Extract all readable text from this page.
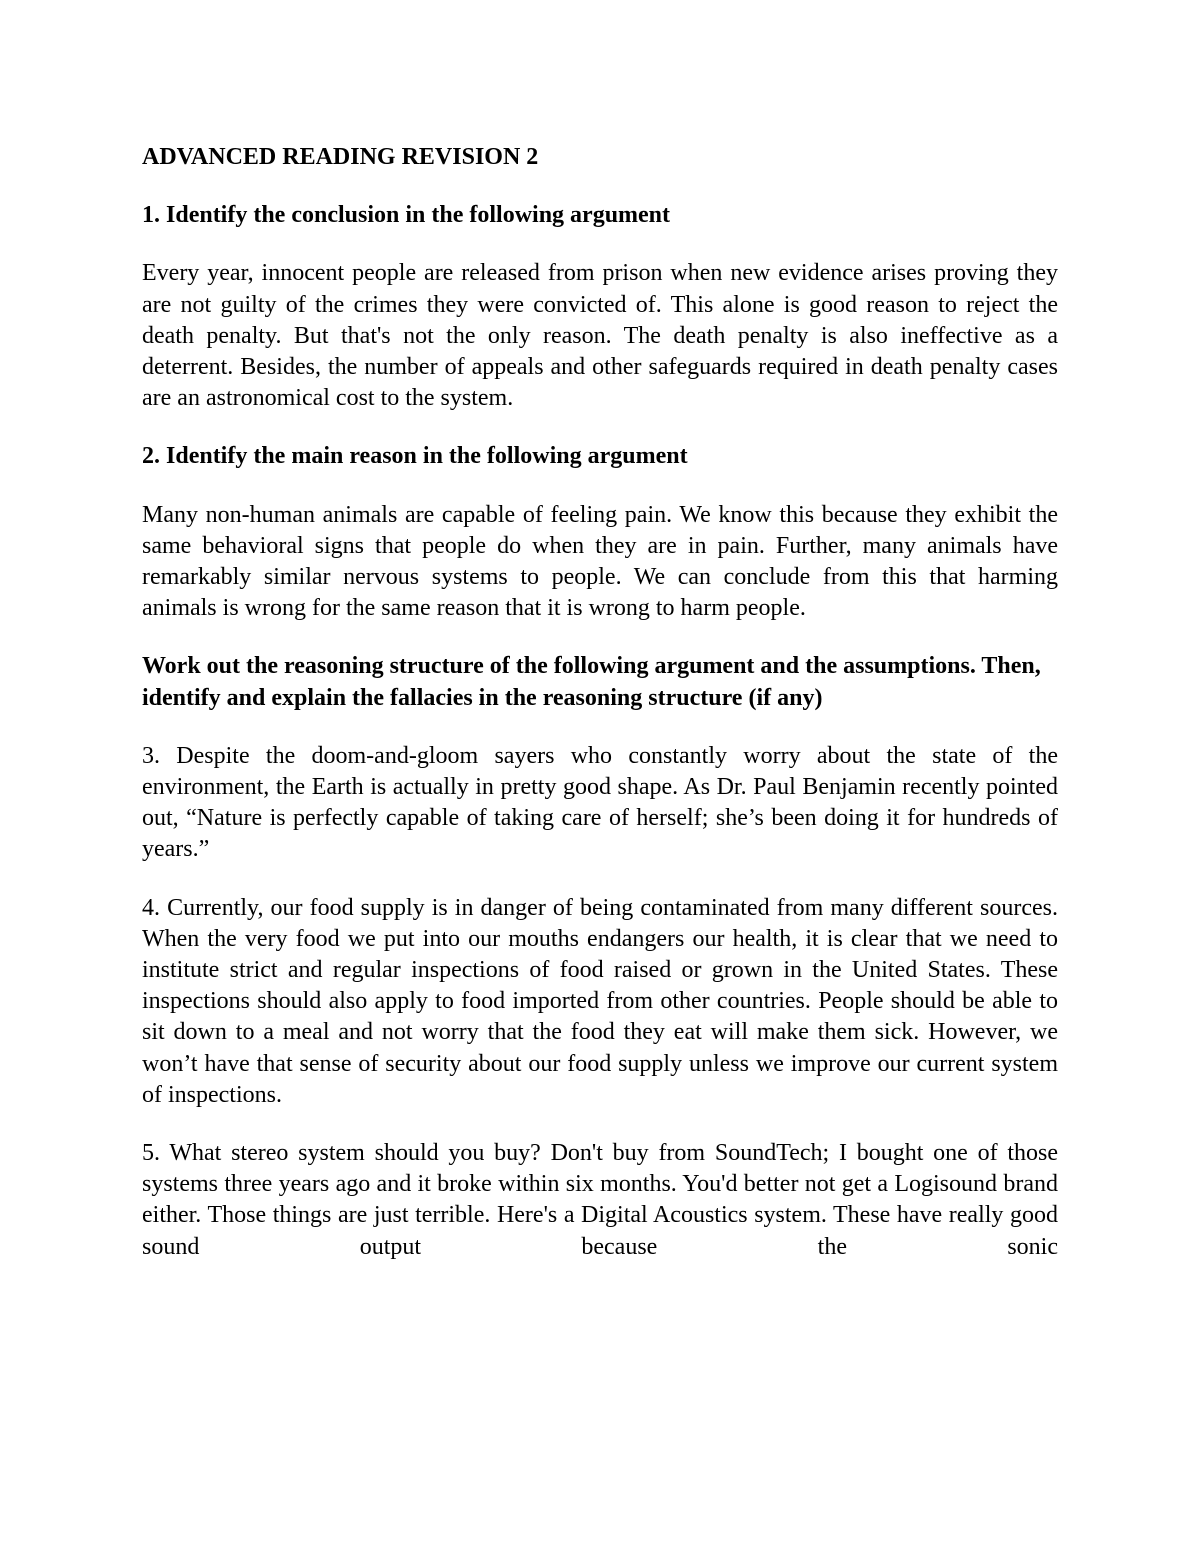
ADVANCED READING REVISION 2
1. Identify the conclusion in the following argument
Every year, innocent people are released from prison when new evidence arises proving they are not guilty of the crimes they were convicted of. This alone is good reason to reject the death penalty. But that's not the only reason. The death penalty is also ineffective as a deterrent. Besides, the number of appeals and other safeguards required in death penalty cases are an astronomical cost to the system.
2. Identify the main reason in the following argument
Many non-human animals are capable of feeling pain. We know this because they exhibit the same behavioral signs that people do when they are in pain. Further, many animals have remarkably similar nervous systems to people. We can conclude from this that harming animals is wrong for the same reason that it is wrong to harm people.
Work out the reasoning structure of the following argument and the assumptions. Then, identify and explain the fallacies in the reasoning structure (if any)
3. Despite the doom-and-gloom sayers who constantly worry about the state of the environment, the Earth is actually in pretty good shape. As Dr. Paul Benjamin recently pointed out, “Nature is perfectly capable of taking care of herself; she’s been doing it for hundreds of years.”
4. Currently, our food supply is in danger of being contaminated from many different sources. When the very food we put into our mouths endangers our health, it is clear that we need to institute strict and regular inspections of food raised or grown in the United States. These inspections should also apply to food imported from other countries. People should be able to sit down to a meal and not worry that the food they eat will make them sick. However, we won’t have that sense of security about our food supply unless we improve our current system of inspections.
5. What stereo system should you buy? Don't buy from SoundTech; I bought one of those systems three years ago and it broke within six months. You'd better not get a Logisound brand either. Those things are just terrible. Here's a Digital Acoustics system. These have really good sound output because the sonic
